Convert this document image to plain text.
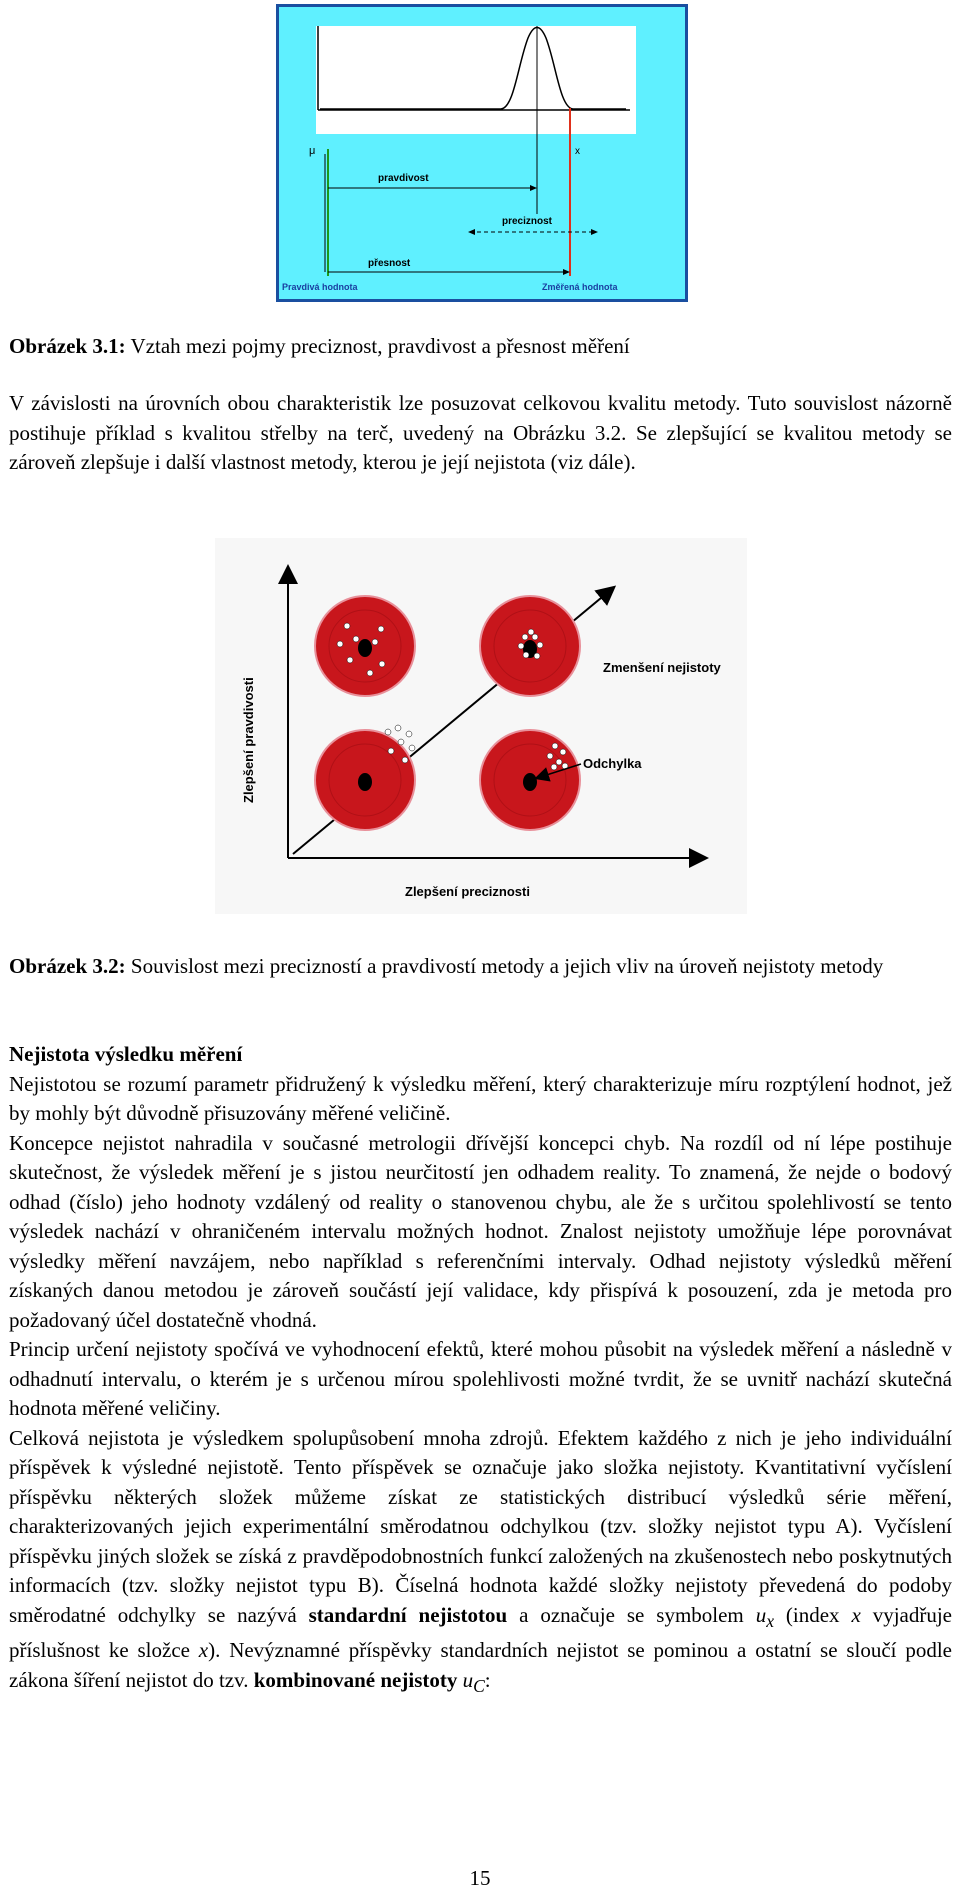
μ	x
pravdivost
preciznost
přesnost
Pravdivá hodnota	Změřená hodnota
Obrázek 3.1: Vztah mezi pojmy preciznost, pravdivost a přesnost měření

V závislosti na úrovních obou charakteristik lze posuzovat celkovou kvalitu metody. Tuto souvislost názorně postihuje příklad s kvalitou střelby na terč, uvedený na Obrázku 3.2. Se zlepšující se kvalitou metody se zároveň zlepšuje i další vlastnost metody, kterou je její nejistota (viz dále).

Zlepšení pravdivosti
Zlepšení preciznosti
Zmenšení nejistoty
Odchylka
Obrázek 3.2: Souvislost mezi precizností a pravdivostí metody a jejich vliv na úroveň nejistoty metody

Nejistota výsledku měření

Nejistotou se rozumí parametr přidružený k výsledku měření, který charakterizuje míru rozptýlení hodnot, jež by mohly být důvodně přisuzovány měřené veličině.

Koncepce nejistot nahradila v současné metrologii dřívější koncepci chyb. Na rozdíl od ní lépe postihuje skutečnost, že výsledek měření je s jistou neurčitostí jen odhadem reality. To znamená, že nejde o bodový odhad (číslo) jeho hodnoty vzdálený od reality o stanovenou chybu, ale že s určitou spolehlivostí se tento výsledek nachází v ohraničeném intervalu možných hodnot. Znalost nejistoty umožňuje lépe porovnávat výsledky měření navzájem, nebo například s referenčními intervaly. Odhad nejistoty výsledků měření získaných danou metodou je zároveň součástí její validace, kdy přispívá k posouzení, zda je metoda pro požadovaný účel dostatečně vhodná.

Princip určení nejistoty spočívá ve vyhodnocení efektů, které mohou působit na výsledek měření a následně v odhadnutí intervalu, o kterém je s určenou mírou spolehlivosti možné tvrdit, že se uvnitř nachází skutečná hodnota měřené veličiny.

Celková nejistota je výsledkem spolupůsobení mnoha zdrojů. Efektem každého z nich je jeho individuální příspěvek k výsledné nejistotě. Tento příspěvek se označuje jako složka nejistoty. Kvantitativní vyčíslení příspěvku některých složek můžeme získat ze statistických distribucí výsledků série měření, charakterizovaných jejich experimentální směrodatnou odchylkou (tzv. složky nejistot typu A). Vyčíslení příspěvku jiných složek se získá z pravděpodobnostních funkcí založených na zkušenostech nebo poskytnutých informacích (tzv. složky nejistot typu B). Číselná hodnota každé složky nejistoty převedená do podoby směrodatné odchylky se nazývá standardní nejistotou a označuje se symbolem $u_x$ (index x vyjadřuje příslušnost ke složce x). Nevýznamné příspěvky standardních nejistot se pominou a ostatní se sloučí podle zákona šíření nejistot do tzv. kombinované nejistoty $u_C$:

15
